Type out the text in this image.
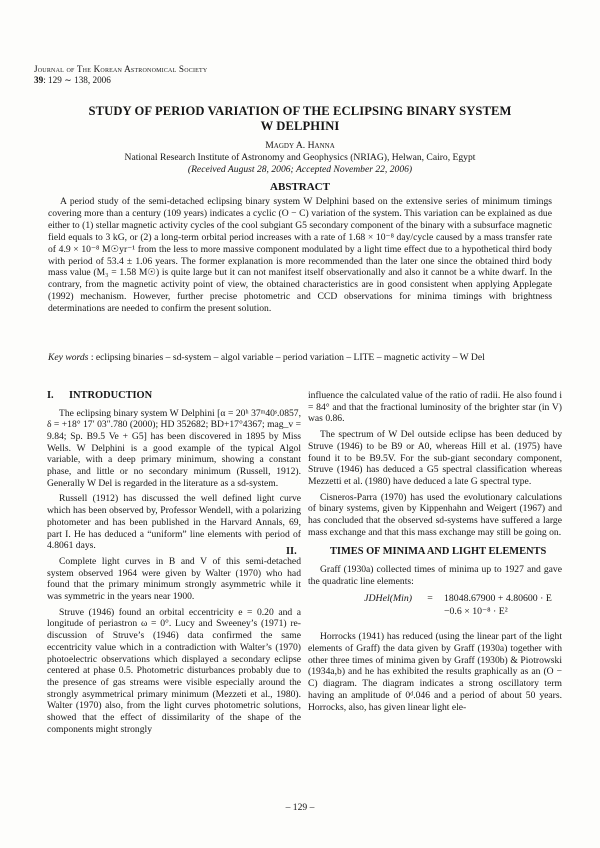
Journal of The Korean Astronomical Society
39: 129 ∼ 138, 2006
STUDY OF PERIOD VARIATION OF THE ECLIPSING BINARY SYSTEM
W DELPHINI
Magdy A. Hanna
National Research Institute of Astronomy and Geophysics (NRIAG), Helwan, Cairo, Egypt
(Received August 28, 2006; Accepted November 22, 2006)
ABSTRACT

A period study of the semi-detached eclipsing binary system W Delphini based on the extensive series of minimum timings covering more than a century (109 years) indicates a cyclic (O − C) variation of the system. This variation can be explained as due either to (1) stellar magnetic activity cycles of the cool subgiant G5 secondary component of the binary with a subsurface magnetic field equals to 3 kG, or (2) a long-term orbital period increases with a rate of 1.68 × 10⁻⁸ day/cycle caused by a mass transfer rate of 4.9 × 10⁻⁸ M☉yr⁻¹ from the less to more massive component modulated by a light time effect due to a hypothetical third body with period of 53.4 ± 1.06 years. The former explanation is more recommended than the later one since the obtained third body mass value (M₃ = 1.58 M☉) is quite large but it can not manifest itself observationally and also it cannot be a white dwarf. In the contrary, from the magnetic activity point of view, the obtained characteristics are in good consistent when applying Applegate (1992) mechanism. However, further precise photometric and CCD observations for minima timings with brightness determinations are needed to confirm the present solution.

Key words : eclipsing binaries – sd-system – algol variable – period variation – LITE – magnetic activity – W Del
I. INTRODUCTION

The eclipsing binary system W Delphini [α = 20ʰ 37ᵐ40ˢ.0857, δ = +18° 17′ 03″.780 (2000); HD 352682; BD+17°4367; mag_v = 9.84; Sp. B9.5 Ve + G5] has been discovered in 1895 by Miss Wells. W Delphini is a good example of the typical Algol variable, with a deep primary minimum, showing a constant phase, and little or no secondary minimum (Russell, 1912). Generally W Del is regarded in the literature as a sd-system.

Russell (1912) has discussed the well defined light curve which has been observed by, Professor Wendell, with a polarizing photometer and has been published in the Harvard Annals, 69, part I. He has deduced a “uniform” line elements with period of 4.8061 days.

Complete light curves in B and V of this semi-detached system observed 1964 were given by Walter (1970) who had found that the primary minimum strongly asymmetric while it was symmetric in the years near 1900.

Struve (1946) found an orbital eccentricity e = 0.20 and a longitude of periastron ω = 0°. Lucy and Sweeney’s (1971) re-discussion of Struve’s (1946) data confirmed the same eccentricity value which in a contradiction with Walter’s (1970) photoelectric observations which displayed a secondary eclipse centered at phase 0.5. Photometric disturbances probably due to the presence of gas streams were visible especially around the strongly asymmetrical primary minimum (Mezzeti et al., 1980). Walter (1970) also, from the light curves photometric solutions, showed that the effect of dissimilarity of the shape of the components might strongly

influence the calculated value of the ratio of radii. He also found i = 84° and that the fractional luminosity of the brighter star (in V) was 0.86.

The spectrum of W Del outside eclipse has been deduced by Struve (1946) to be B9 or A0, whereas Hill et al. (1975) have found it to be B9.5V. For the sub-giant secondary component, Struve (1946) has deduced a G5 spectral classification whereas Mezzetti et al. (1980) have deduced a late G spectral type.

Cisneros-Parra (1970) has used the evolutionary calculations of binary systems, given by Kippenhahn and Weigert (1967) and has concluded that the observed sd-systems have suffered a large mass exchange and that this mass exchange may still be going on.

II.	TIMES OF MINIMA AND LIGHT ELEMENTS

Graff (1930a) collected times of minima up to 1927 and gave the quadratic line elements:

JDHel(Min)	=	18048.67900 + 4.80600 · E
−0.6 × 10⁻⁸ · E²

Horrocks (1941) has reduced (using the linear part of the light elements of Graff) the data given by Graff (1930a) together with other three times of minima given by Graff (1930b) & Piotrowski (1934a,b) and he has exhibited the results graphically as an (O − C) diagram. The diagram indicates a strong oscillatory term having an amplitude of 0ᵈ.046 and a period of about 50 years. Horrocks, also, has given linear light ele-

– 129 –
